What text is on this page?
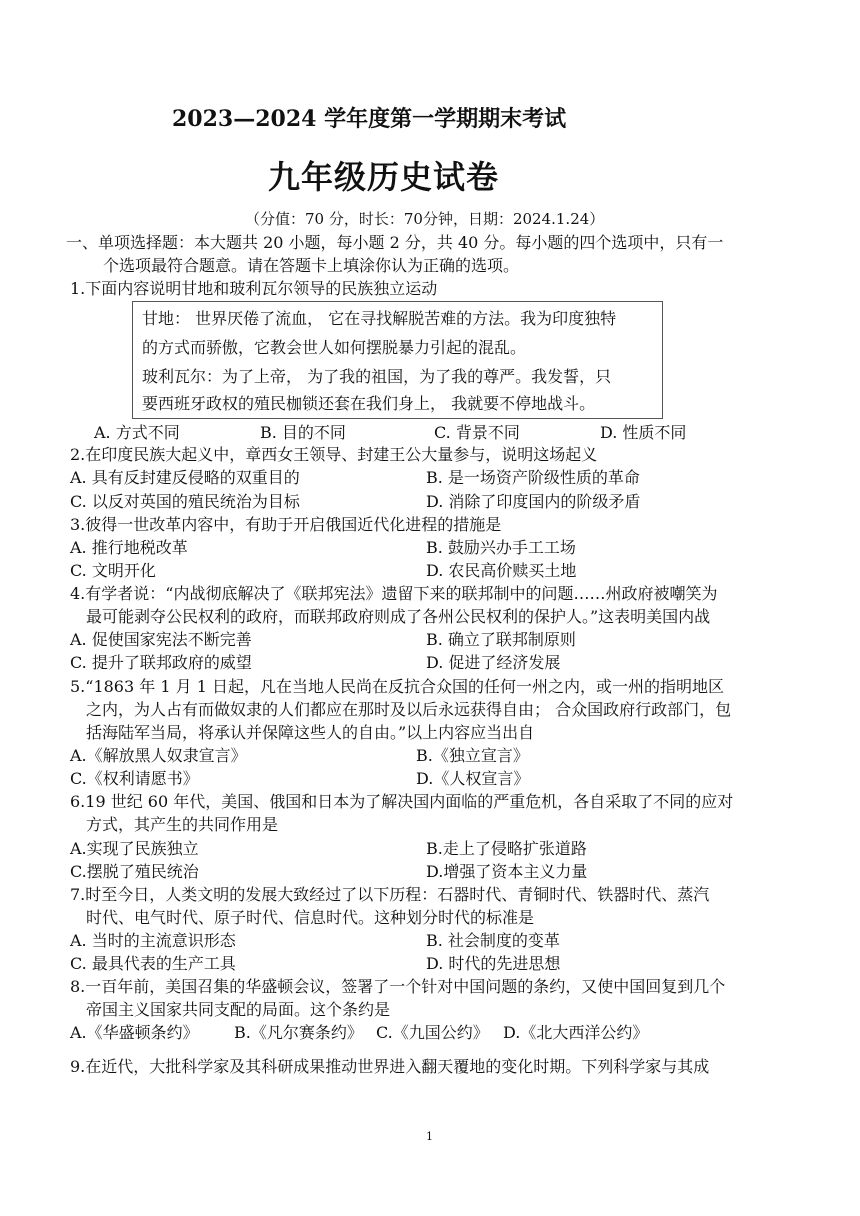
2023—2024 学年度第一学期期末考试
九年级历史试卷
（分值：70 分，时长：70分钟，日期：2024.1.24）
一、单项选择题：本大题共 20 小题，每小题 2 分，共 40 分。每小题的四个选项中，只有一
个选项最符合题意。请在答题卡上填涂你认为正确的选项。
1.下面内容说明甘地和玻利瓦尔领导的民族独立运动
甘地： 世界厌倦了流血， 它在寻找解脱苦难的方法。我为印度独特
的方式而骄傲，它教会世人如何摆脱暴力引起的混乱。
玻利瓦尔：为了上帝， 为了我的祖国，为了我的尊严。我发誓，只
要西班牙政权的殖民枷锁还套在我们身上， 我就要不停地战斗。
A. 方式不同	B. 目的不同	C. 背景不同	D. 性质不同
2.在印度民族大起义中，章西女王领导、封建王公大量参与，说明这场起义
A. 具有反封建反侵略的双重目的	B. 是一场资产阶级性质的革命
C. 以反对英国的殖民统治为目标	D. 消除了印度国内的阶级矛盾
3.彼得一世改革内容中，有助于开启俄国近代化进程的措施是
A. 推行地税改革	B. 鼓励兴办手工工场
C. 文明开化	D. 农民高价赎买土地
4.有学者说：“内战彻底解决了《联邦宪法》遗留下来的联邦制中的问题……州政府被嘲笑为
最可能剥夺公民权利的政府，而联邦政府则成了各州公民权利的保护人。”这表明美国内战
A. 促使国家宪法不断完善	B. 确立了联邦制原则
C. 提升了联邦政府的威望	D. 促进了经济发展
5.“1863 年 1 月 1 日起，凡在当地人民尚在反抗合众国的任何一州之内，或一州的指明地区
之内，为人占有而做奴隶的人们都应在那时及以后永远获得自由； 合众国政府行政部门，包
括海陆军当局，将承认并保障这些人的自由。”以上内容应当出自
A.《解放黑人奴隶宣言》	B.《独立宣言》
C.《权利请愿书》	D.《人权宣言》
6.19 世纪 60 年代，美国、俄国和日本为了解决国内面临的严重危机，各自采取了不同的应对
方式，其产生的共同作用是
A.实现了民族独立	B.走上了侵略扩张道路
C.摆脱了殖民统治	D.增强了资本主义力量
7.时至今日，人类文明的发展大致经过了以下历程：石器时代、青铜时代、铁器时代、蒸汽
时代、电气时代、原子时代、信息时代。这种划分时代的标准是
A. 当时的主流意识形态	B. 社会制度的变革
C. 最具代表的生产工具	D. 时代的先进思想
8.一百年前，美国召集的华盛顿会议，签署了一个针对中国问题的条约，又使中国回复到几个
帝国主义国家共同支配的局面。这个条约是
A.《华盛顿条约》 B.《凡尔赛条约》 C.《九国公约》 D.《北大西洋公约》
9.在近代，大批科学家及其科研成果推动世界进入翻天覆地的变化时期。下列科学家与其成
1
